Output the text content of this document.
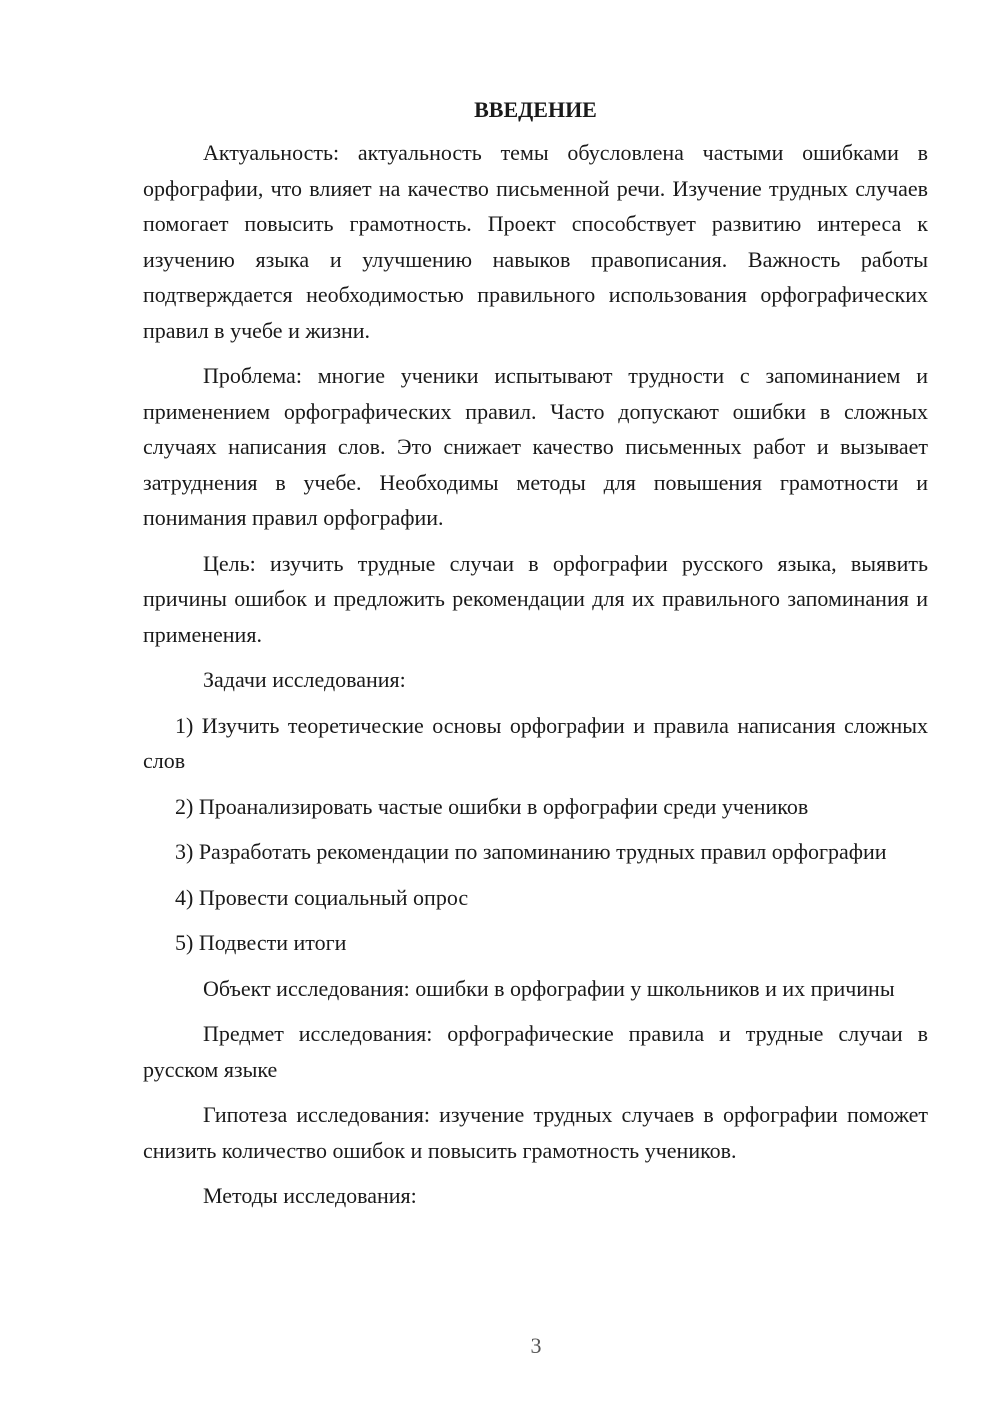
ВВЕДЕНИЕ

Актуальность: актуальность темы обусловлена частыми ошибками в орфографии, что влияет на качество письменной речи. Изучение трудных случаев помогает повысить грамотность. Проект способствует развитию интереса к изучению языка и улучшению навыков правописания. Важность работы подтверждается необходимостью правильного использования орфографических правил в учебе и жизни.

Проблема: многие ученики испытывают трудности с запоминанием и применением орфографических правил. Часто допускают ошибки в сложных случаях написания слов. Это снижает качество письменных работ и вызывает затруднения в учебе. Необходимы методы для повышения грамотности и понимания правил орфографии.

Цель: изучить трудные случаи в орфографии русского языка, выявить причины ошибок и предложить рекомендации для их правильного запоминания и применения.

Задачи исследования:

1) Изучить теоретические основы орфографии и правила написания сложных слов

2) Проанализировать частые ошибки в орфографии среди учеников

3) Разработать рекомендации по запоминанию трудных правил орфографии

4) Провести социальный опрос

5) Подвести итоги

Объект исследования: ошибки в орфографии у школьников и их причины

Предмет исследования: орфографические правила и трудные случаи в русском языке

Гипотеза исследования: изучение трудных случаев в орфографии поможет снизить количество ошибок и повысить грамотность учеников.

Методы исследования:

3
